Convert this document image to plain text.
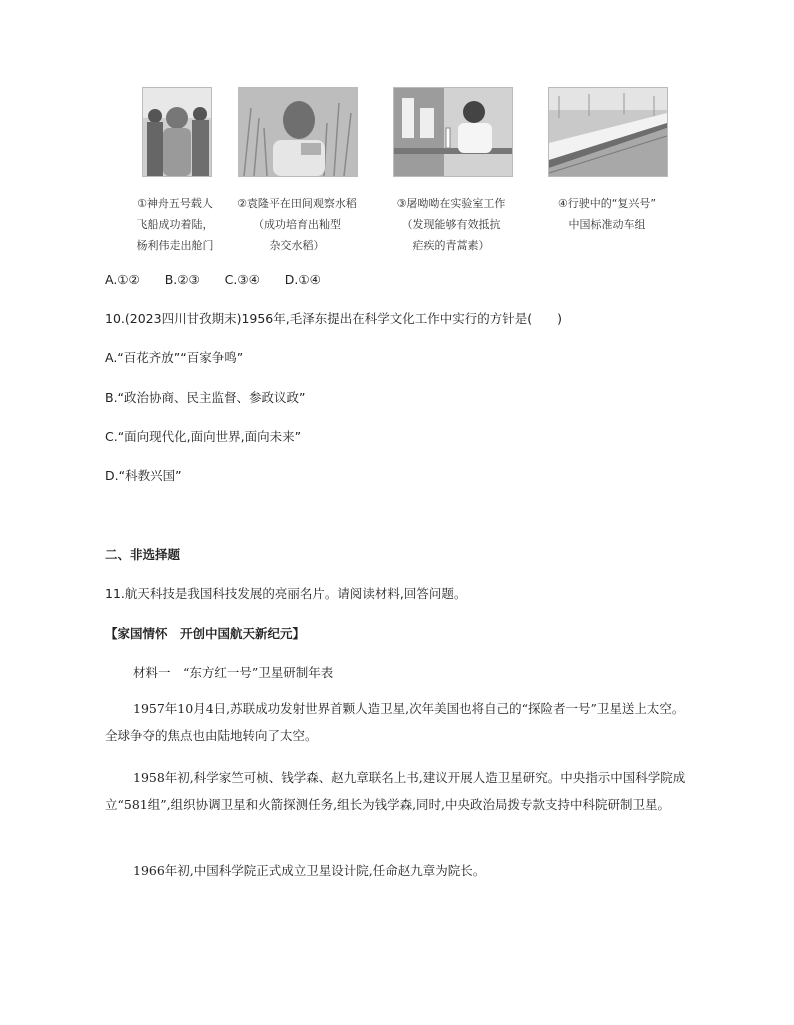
①神舟五号载人
飞船成功着陆，
杨利伟走出舱门
②袁隆平在田间观察水稻
（成功培育出籼型
杂交水稻）
③屠呦呦在实验室工作
（发现能够有效抵抗
疟疾的青蒿素）
④行驶中的“复兴号”
中国标准动车组
A.①②　　B.②③　　C.③④　　D.①④
10.(2023四川甘孜期末)1956年,毛泽东提出在科学文化工作中实行的方针是(　　)
A.“百花齐放”“百家争鸣”
B.“政治协商、民主监督、参政议政”
C.“面向现代化,面向世界,面向未来”
D.“科教兴国”
二、非选择题
11.航天科技是我国科技发展的亮丽名片。请阅读材料,回答问题。
【家国情怀　开创中国航天新纪元】
材料一　“东方红一号”卫星研制年表
1957年10月4日,苏联成功发射世界首颗人造卫星,次年美国也将自己的“探险者一号”卫星送上太空。全球争夺的焦点也由陆地转向了太空。
1958年初,科学家竺可桢、钱学森、赵九章联名上书,建议开展人造卫星研究。中央指示中国科学院成立“581组”,组织协调卫星和火箭探测任务,组长为钱学森,同时,中央政治局拨专款支持中科院研制卫星。
1966年初,中国科学院正式成立卫星设计院,任命赵九章为院长。
